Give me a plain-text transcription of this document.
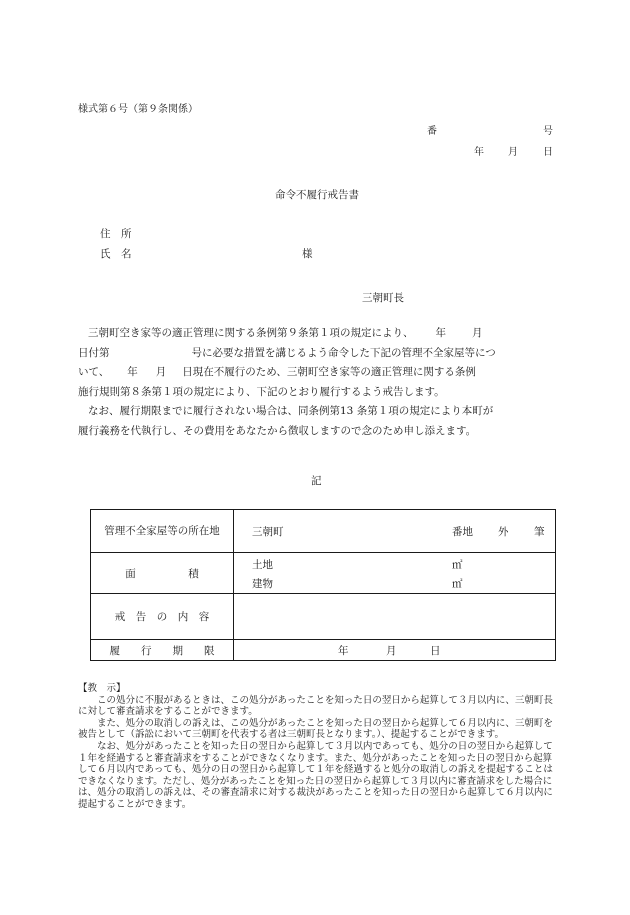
様式第６号（第９条関係）
番	号
年 月	日
命令不履行戒告書
住　所
氏　名	様
三朝町長

三朝町空き家等の適正管理に関する条例第９条第１項の規定により、 年 月

日付第	号に必要な措置を講じるよう命令した下記の管理不全家屋等につ

いて、 年 月 日現在不履行のため、三朝町空き家等の適正管理に関する条例

施行規則第８条第１項の規定により、下記のとおり履行するよう戒告します。

なお、履行期限までに履行されない場合は、同条例第13 条第１項の規定により本町が

履行義務を代執行し、その費用をあなたから徴収しますので念のため申し添えます。

記
管理不全家屋等の所在地	三朝町 番地 外 筆

面　　　　　積	土地 ㎡
建物 ㎡

戒　告　の　内　容	
履　　行　　期　　限	年 月 日

【教　示】

この処分に不服があるときは、この処分があったことを知った日の翌日から起算して３月以内に、三朝町長に対して審査請求をすることができます。

また、処分の取消しの訴えは、この処分があったことを知った日の翌日から起算して６月以内に、三朝町を被告として（訴訟において三朝町を代表する者は三朝町長となります。）、提起することができます。

なお、処分があったことを知った日の翌日から起算して３月以内であっても、処分の日の翌日から起算して１年を経過すると審査請求をすることができなくなります。また、処分があったことを知った日の翌日から起算して６月以内であっても、処分の日の翌日から起算して１年を経過すると処分の取消しの訴えを提起することはできなくなります。ただし、処分があったことを知った日の翌日から起算して３月以内に審査請求をした場合には、処分の取消しの訴えは、その審査請求に対する裁決があったことを知った日の翌日から起算して６月以内に提起することができます。
